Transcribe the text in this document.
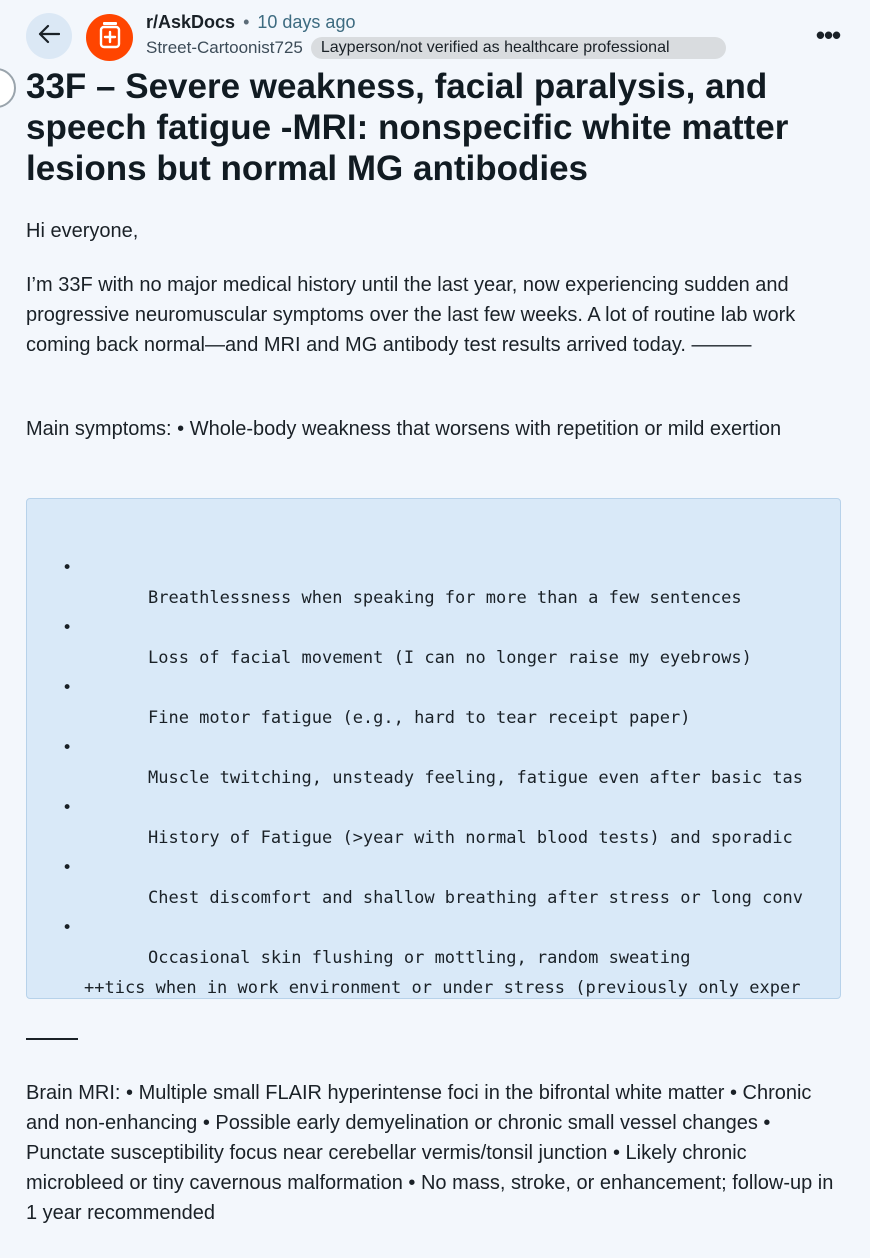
r/AskDocs • 10 days ago
Street-Cartoonist725	Layperson/not verified as healthcare professional	•••
33F – Severe weakness, facial paralysis, and speech fatigue -MRI: nonspecific white matter lesions but normal MG antibodies

Hi everyone,

I’m 33F with no major medical history until the last year, now experiencing sudden and progressive neuromuscular symptoms over the last few weeks. A lot of routine lab work coming back normal—and MRI and MG antibody test results arrived today. ———

Main symptoms: • Whole-body weakness that worsens with repetition or mild exertion

•

Breathlessness when speaking for more than a few sentences

•

Loss of facial movement (I can no longer raise my eyebrows)

•

Fine motor fatigue (e.g., hard to tear receipt paper)

•

Muscle twitching, unsteady feeling, fatigue even after basic tas

•

History of Fatigue (>year with normal blood tests) and sporadic

•

Chest discomfort and shallow breathing after stress or long conv

•

Occasional skin flushing or mottling, random sweating

++tics when in work environment or under stress (previously only exper

Brain MRI: • Multiple small FLAIR hyperintense foci in the bifrontal white matter • Chronic and non-enhancing • Possible early demyelination or chronic small vessel changes • Punctate susceptibility focus near cerebellar vermis/tonsil junction • Likely chronic microbleed or tiny cavernous malformation • No mass, stroke, or enhancement; follow-up in 1 year recommended
